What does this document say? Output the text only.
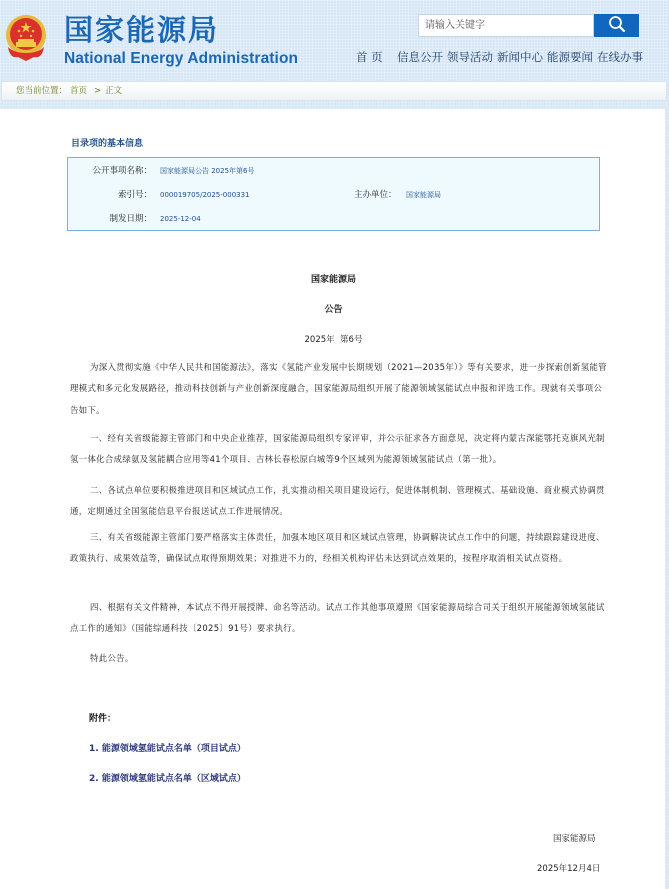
国家能源局
National Energy Administration
请输入关键字
首 页 信息公开 领导活动 新闻中心 能源要闻 在线办事
您当前位置： 首页 > 正文
目录项的基本信息
公开事项名称： 国家能源局公告 2025年第6号
索引号： 000019705/2025-000331	主办单位： 国家能源局
制发日期： 2025-12-04
国家能源局
公告
2025年  第6号
为深入贯彻实施《中华人民共和国能源法》，落实《氢能产业发展中长期规划（2021—2035年）》等有关要求，进一步探索创新氢能管理模式和多元化发展路径，推动科技创新与产业创新深度融合，国家能源局组织开展了能源领域氢能试点申报和评选工作。现就有关事项公告如下。
一、经有关省级能源主管部门和中央企业推荐，国家能源局组织专家评审，并公示征求各方面意见，决定将内蒙古深能鄂托克旗风光制氢一体化合成绿氨及氢能耦合应用等41个项目、吉林长春松原白城等9个区域列为能源领域氢能试点（第一批）。
二、各试点单位要积极推进项目和区域试点工作，扎实推动相关项目建设运行，促进体制机制、管理模式、基础设施、商业模式协调贯通，定期通过全国氢能信息平台报送试点工作进展情况。
三、有关省级能源主管部门要严格落实主体责任，加强本地区项目和区域试点管理，协调解决试点工作中的问题，持续跟踪建设进度、政策执行、成果效益等，确保试点取得预期效果；对推进不力的，经相关机构评估未达到试点效果的，按程序取消相关试点资格。
四、根据有关文件精神，本试点不得开展授牌、命名等活动。试点工作其他事项遵照《国家能源局综合司关于组织开展能源领域氢能试点工作的通知》（国能综通科技〔2025〕91号）要求执行。
特此公告。
附件：
1. 能源领域氢能试点名单（项目试点）
2. 能源领域氢能试点名单（区域试点）
国家能源局
2025年12月4日
